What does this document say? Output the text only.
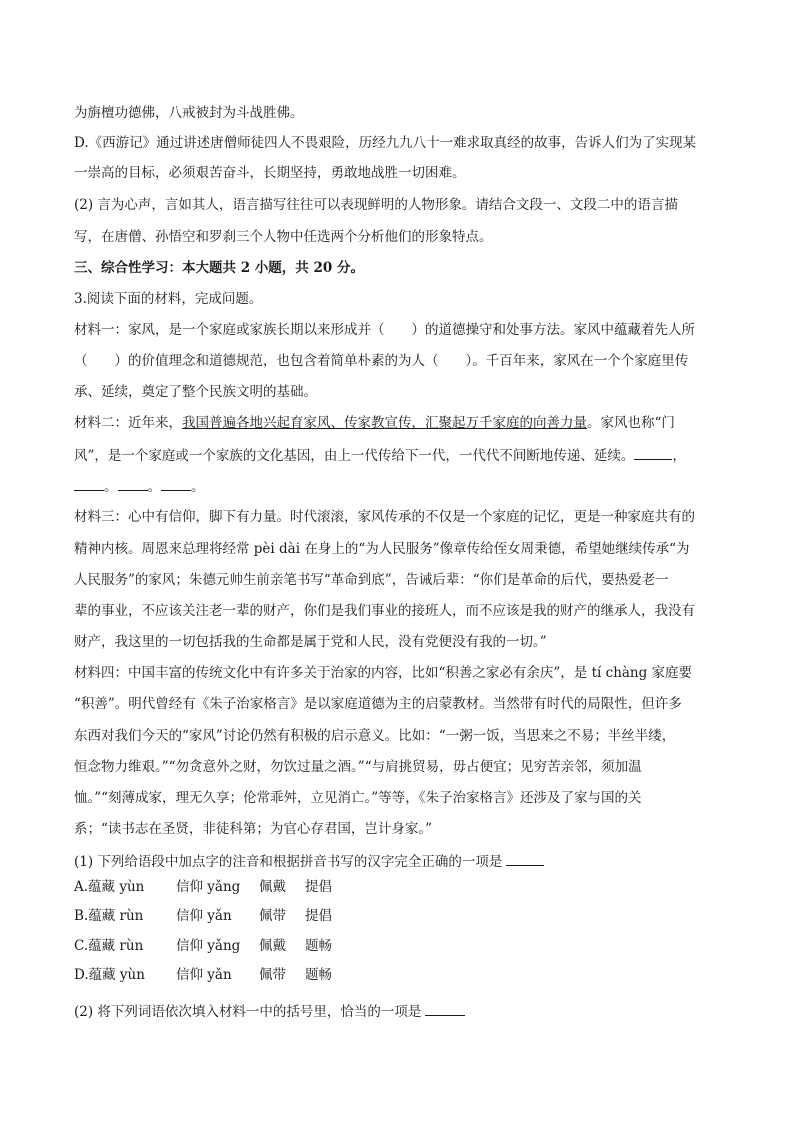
为旃檀功德佛，八戒被封为斗战胜佛。
D.《西游记》通过讲述唐僧师徒四人不畏艰险，历经九九八十一难求取真经的故事，告诉人们为了实现某
一崇高的目标，必须艰苦奋斗，长期坚持，勇敢地战胜一切困难。
(2) 言为心声，言如其人，语言描写往往可以表现鲜明的人物形象。请结合文段一、文段二中的语言描
写，在唐僧、孙悟空和罗刹三个人物中任选两个分析他们的形象特点。
三、综合性学习：本大题共 2 小题，共 20 分。
3.阅读下面的材料，完成问题。
材料一：家风，是一个家庭或家族长期以来形成并（　　）的道德操守和处事方法。家风中蕴藏着先人所
（　　）的价值理念和道德规范，也包含着简单朴素的为人（　　）。千百年来，家风在一个个家庭里传
承、延续，奠定了整个民族文明的基础。
材料二：近年来，我国普遍各地兴起育家风、传家教宣传，汇聚起万千家庭的向善力量。家风也称“门
风”，是一个家庭或一个家族的文化基因，由上一代传给下一代，一代代不间断地传递、延续。	，
。 。 。
材料三：心中有信仰，脚下有力量。时代滚滚，家风传承的不仅是一个家庭的记忆，更是一种家庭共有的
精神内核。周恩来总理将经常 pèi dài 在身上的“为人民服务”像章传给侄女周秉德，希望她继续传承“为
人民服务”的家风；朱德元帅生前亲笔书写“革命到底”，告诫后辈：“你们是革命的后代，要热爱老一
辈的事业，不应该关注老一辈的财产，你们是我们事业的接班人，而不应该是我的财产的继承人，我没有
财产，我这里的一切包括我的生命都是属于党和人民，没有党便没有我的一切。”
材料四：中国丰富的传统文化中有许多关于治家的内容，比如“积善之家必有余庆”，是 tí chàng 家庭要
“积善”。明代曾经有《朱子治家格言》是以家庭道德为主的启蒙教材。当然带有时代的局限性，但许多
东西对我们今天的“家风”讨论仍然有积极的启示意义。比如：“一粥一饭，当思来之不易；半丝半缕，
恒念物力维艰。”“勿贪意外之财，勿饮过量之酒。”“与肩挑贸易，毋占便宜；见穷苦亲邻，须加温
恤。”“刻薄成家，理无久享；伦常乖舛，立见消亡。”等等，《朱子治家格言》还涉及了家与国的关
系；“读书志在圣贤，非徒科第；为官心存君国，岂计身家。”
(1) 下列给语段中加点字的注音和根据拼音书写的汉字完全正确的一项是
A.蕴藏 yùn 信仰 yǎng 佩戴 提倡
B.蕴藏 rùn 信仰 yǎn 佩带 提倡
C.蕴藏 rùn 信仰 yǎng 佩戴 题畅
D.蕴藏 yùn 信仰 yǎn 佩带 题畅
(2) 将下列词语依次填入材料一中的括号里，恰当的一项是
